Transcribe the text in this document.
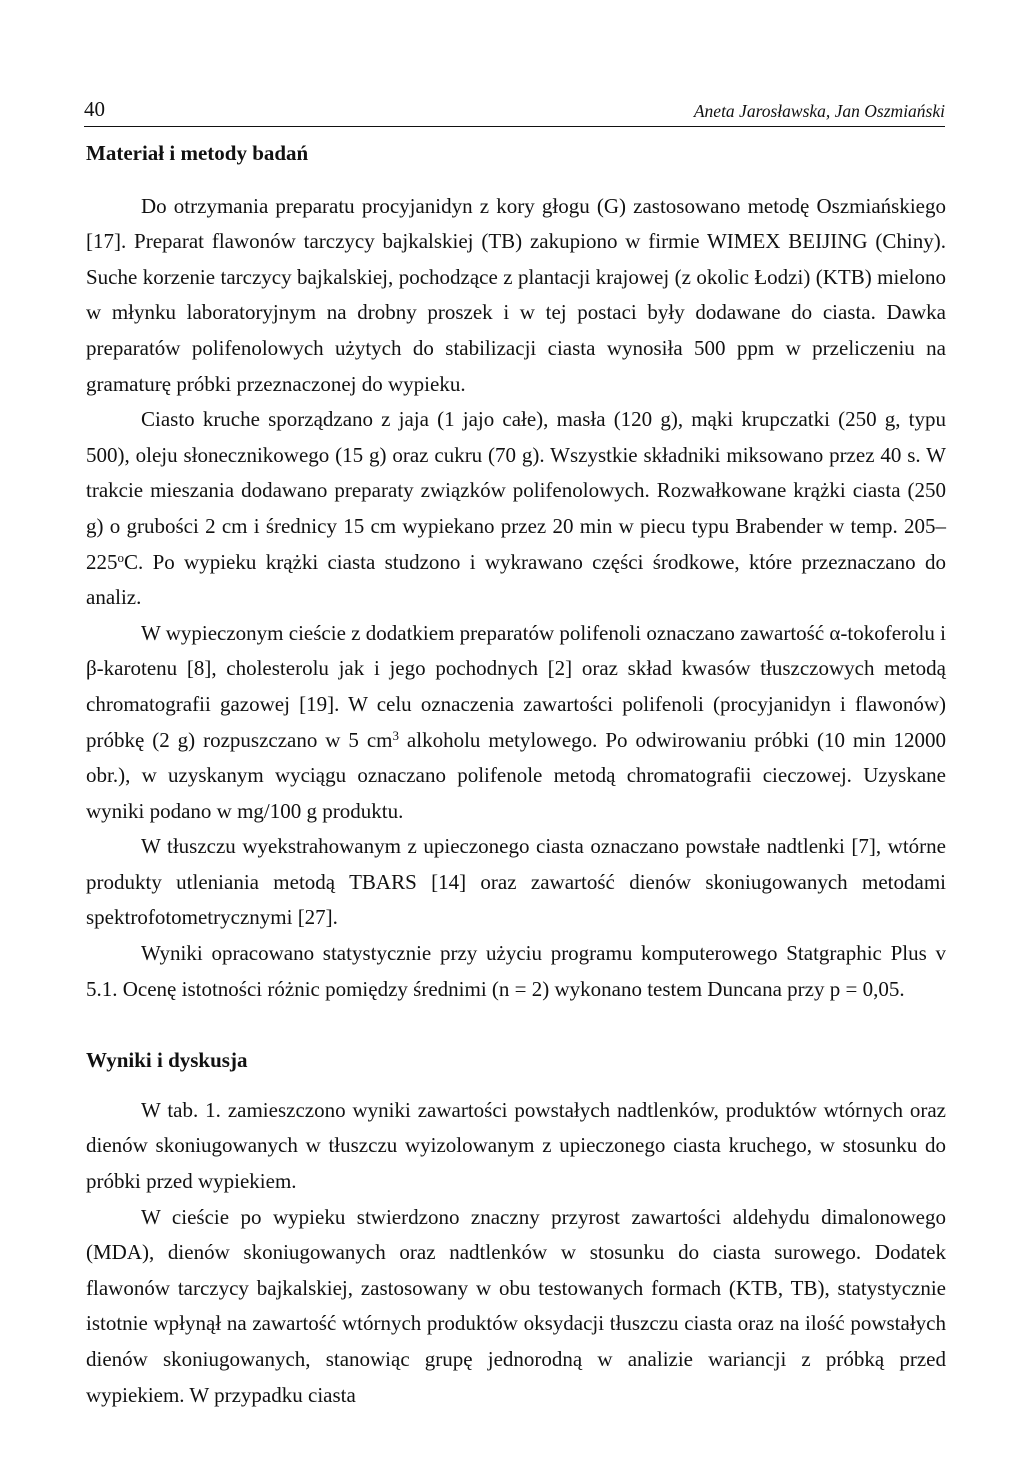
40	Aneta Jarosławska, Jan Oszmiański
Materiał i metody badań

Do otrzymania preparatu procyjanidyn z kory głogu (G) zastosowano metodę Oszmiańskiego [17]. Preparat flawonów tarczycy bajkalskiej (TB) zakupiono w firmie WIMEX BEIJING (Chiny). Suche korzenie tarczycy bajkalskiej, pochodzące z plantacji krajowej (z okolic Łodzi) (KTB) mielono w młynku laboratoryjnym na drobny proszek i w tej postaci były dodawane do ciasta. Dawka preparatów polifenolowych użytych do stabilizacji ciasta wynosiła 500 ppm w przeliczeniu na gramaturę próbki przeznaczonej do wypieku.

Ciasto kruche sporządzano z jaja (1 jajo całe), masła (120 g), mąki krupczatki (250 g, typu 500), oleju słonecznikowego (15 g) oraz cukru (70 g). Wszystkie składniki miksowano przez 40 s. W trakcie mieszania dodawano preparaty związków polifenolowych. Rozwałkowane krążki ciasta (250 g) o grubości 2 cm i średnicy 15 cm wypiekano przez 20 min w piecu typu Brabender w temp. 205–225$^o$C. Po wypieku krążki ciasta studzono i wykrawano części środkowe, które przeznaczano do analiz.

W wypieczonym cieście z dodatkiem preparatów polifenoli oznaczano zawartość α-tokoferolu i β-karotenu [8], cholesterolu jak i jego pochodnych [2] oraz skład kwasów tłuszczowych metodą chromatografii gazowej [19]. W celu oznaczenia zawartości polifenoli (procyjanidyn i flawonów) próbkę (2 g) rozpuszczano w 5 $cm^3$ alkoholu metylowego. Po odwirowaniu próbki (10 min 12000 obr.), w uzyskanym wyciągu oznaczano polifenole metodą chromatografii cieczowej. Uzyskane wyniki podano w mg/100 g produktu.

W tłuszczu wyekstrahowanym z upieczonego ciasta oznaczano powstałe nadtlenki [7], wtórne produkty utleniania metodą TBARS [14] oraz zawartość dienów skoniugowanych metodami spektrofotometrycznymi [27].

Wyniki opracowano statystycznie przy użyciu programu komputerowego Statgraphic Plus v 5.1. Ocenę istotności różnic pomiędzy średnimi (n = 2) wykonano testem Duncana przy p = 0,05.

Wyniki i dyskusja

W tab. 1. zamieszczono wyniki zawartości powstałych nadtlenków, produktów wtórnych oraz dienów skoniugowanych w tłuszczu wyizolowanym z upieczonego ciasta kruchego, w stosunku do próbki przed wypiekiem.

W cieście po wypieku stwierdzono znaczny przyrost zawartości aldehydu dimalonowego (MDA), dienów skoniugowanych oraz nadtlenków w stosunku do ciasta surowego. Dodatek flawonów tarczycy bajkalskiej, zastosowany w obu testowanych formach (KTB, TB), statystycznie istotnie wpłynął na zawartość wtórnych produktów oksydacji tłuszczu ciasta oraz na ilość powstałych dienów skoniugowanych, stanowiąc grupę jednorodną w analizie wariancji z próbką przed wypiekiem. W przypadku ciasta
